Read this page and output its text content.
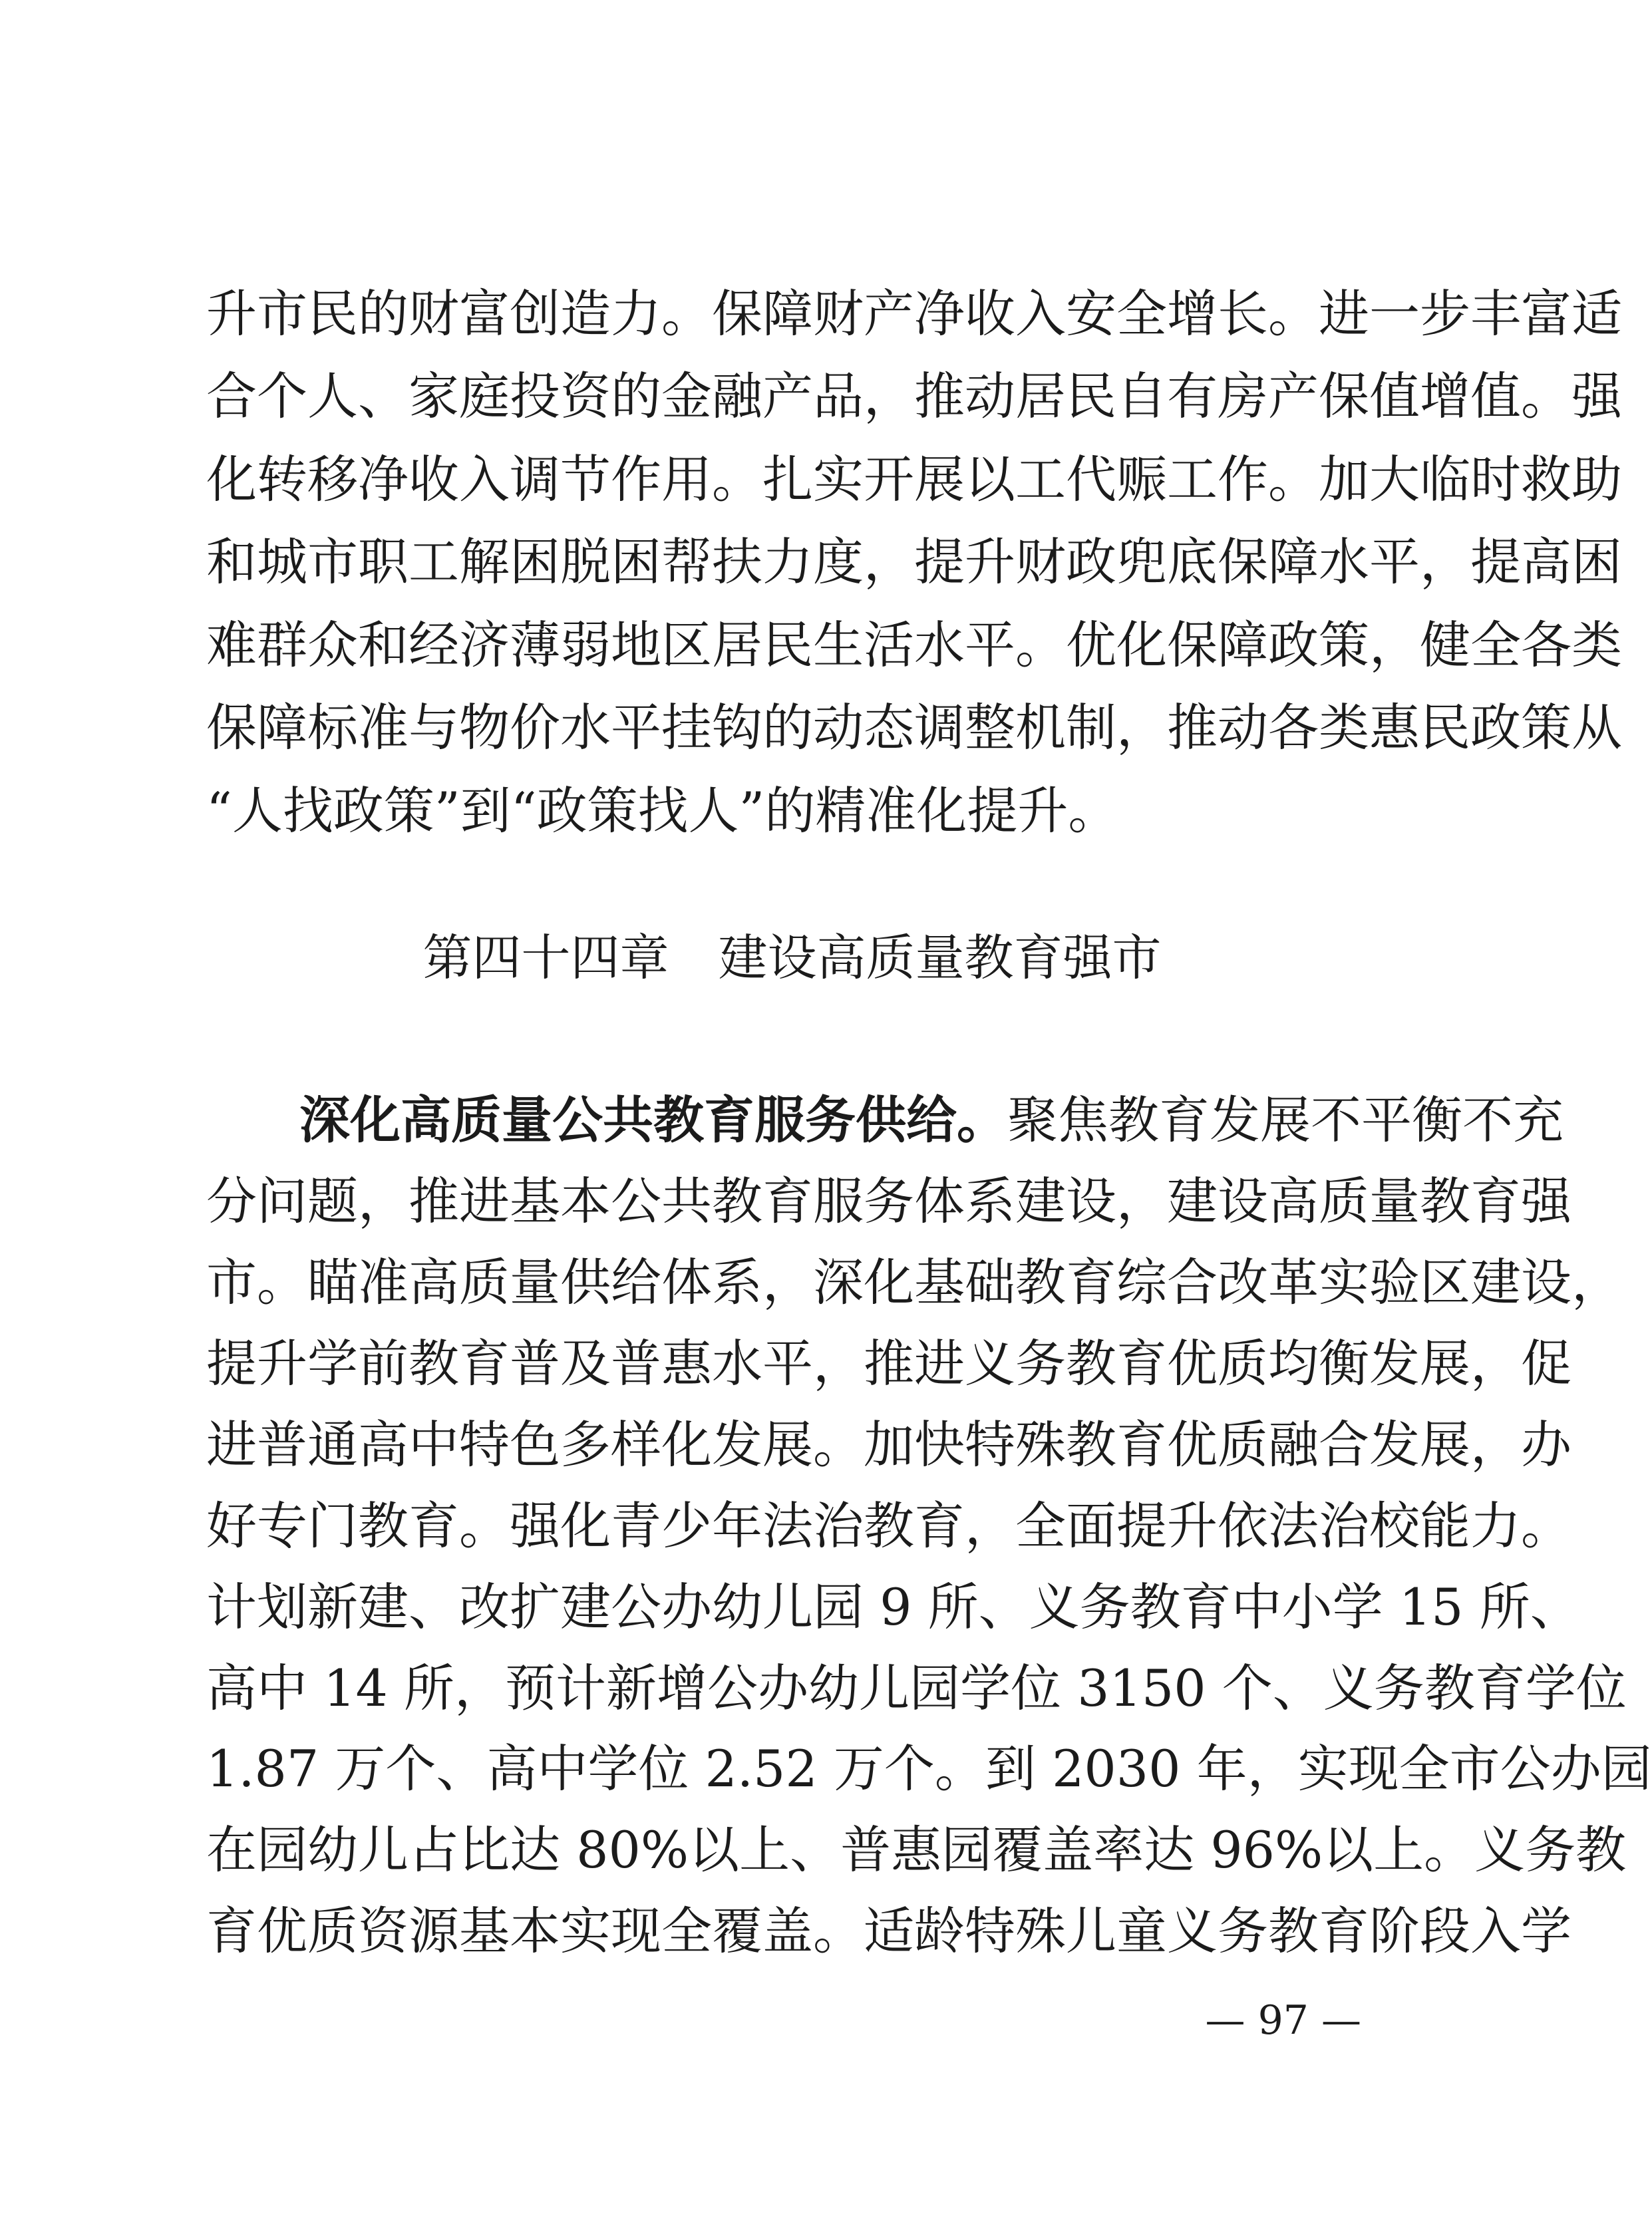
升市民的财富创造力。保障财产净收入安全增长。进一步丰富适
合个人、家庭投资的金融产品，推动居民自有房产保值增值。强
化转移净收入调节作用。扎实开展以工代赈工作。加大临时救助
和城市职工解困脱困帮扶力度，提升财政兜底保障水平，提高困
难群众和经济薄弱地区居民生活水平。优化保障政策，健全各类
保障标准与物价水平挂钩的动态调整机制，推动各类惠民政策从
“人找政策”到“政策找人”的精准化提升。
第四十四章　建设高质量教育强市
深化高质量公共教育服务供给。聚焦教育发展不平衡不充
分问题，推进基本公共教育服务体系建设，建设高质量教育强
市。瞄准高质量供给体系，深化基础教育综合改革实验区建设，
提升学前教育普及普惠水平，推进义务教育优质均衡发展，促
进普通高中特色多样化发展。加快特殊教育优质融合发展，办
好专门教育。强化青少年法治教育，全面提升依法治校能力。
计划新建、改扩建公办幼儿园 9 所、义务教育中小学 15 所、
高中 14 所，预计新增公办幼儿园学位 3150 个、义务教育学位
1.87 万个、高中学位 2.52 万个。到 2030 年，实现全市公办园
在园幼儿占比达 80%以上、普惠园覆盖率达 96%以上。义务教
育优质资源基本实现全覆盖。适龄特殊儿童义务教育阶段入学
— 97 —
